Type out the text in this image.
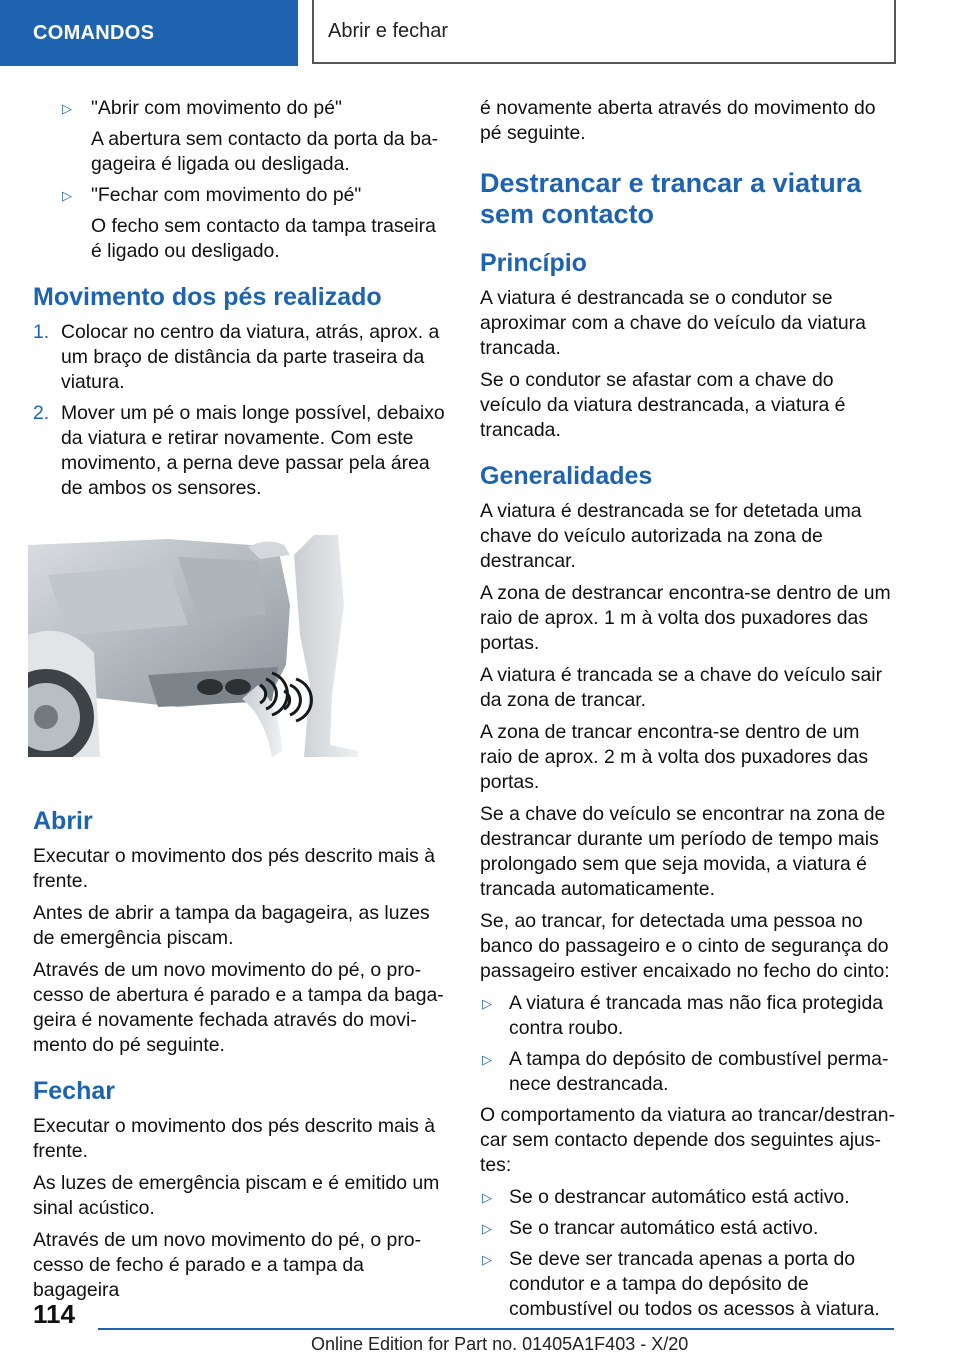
COMANDOS	Abrir e fechar
▷ "Abrir com movimento do pé"
A abertura sem contacto da porta da bagageira é ligada ou desligada.
▷ "Fechar com movimento do pé"
O fecho sem contacto da tampa traseira é ligado ou desligado.
Movimento dos pés realizado
1. Colocar no centro da viatura, atrás, aprox. a um braço de distância da parte traseira da viatura.
2. Mover um pé o mais longe possível, debaixo da viatura e retirar novamente. Com este movimento, a perna deve passar pela área de ambos os sensores.
Abrir

Executar o movimento dos pés descrito mais à frente.

Antes de abrir a tampa da bagageira, as luzes de emergência piscam.

Através de um novo movimento do pé, o processo de abertura é parado e a tampa da bagageira é novamente fechada através do movimento do pé seguinte.

Fechar

Executar o movimento dos pés descrito mais à frente.

As luzes de emergência piscam e é emitido um sinal acústico.

Através de um novo movimento do pé, o processo de fecho é parado e a tampa da bagageira

é novamente aberta através do movimento do pé seguinte.

Destrancar e trancar a viatura sem contacto
Princípio

A viatura é destrancada se o condutor se aproximar com a chave do veículo da viatura trancada.

Se o condutor se afastar com a chave do veículo da viatura destrancada, a viatura é trancada.

Generalidades

A viatura é destrancada se for detetada uma chave do veículo autorizada na zona de destrancar.

A zona de destrancar encontra-se dentro de um raio de aprox. 1 m à volta dos puxadores das portas.

A viatura é trancada se a chave do veículo sair da zona de trancar.

A zona de trancar encontra-se dentro de um raio de aprox. 2 m à volta dos puxadores das portas.

Se a chave do veículo se encontrar na zona de destrancar durante um período de tempo mais prolongado sem que seja movida, a viatura é trancada automaticamente.

Se, ao trancar, for detectada uma pessoa no banco do passageiro e o cinto de segurança do passageiro estiver encaixado no fecho do cinto:

▷ A viatura é trancada mas não fica protegida contra roubo.
▷ A tampa do depósito de combustível permanece destrancada.

O comportamento da viatura ao trancar/destrancar sem contacto depende dos seguintes ajustes:

▷ Se o destrancar automático está activo.
▷ Se o trancar automático está activo.
▷ Se deve ser trancada apenas a porta do condutor e a tampa do depósito de combustível ou todos os acessos à viatura.
114
Online Edition for Part no. 01405A1F403 - X/20
